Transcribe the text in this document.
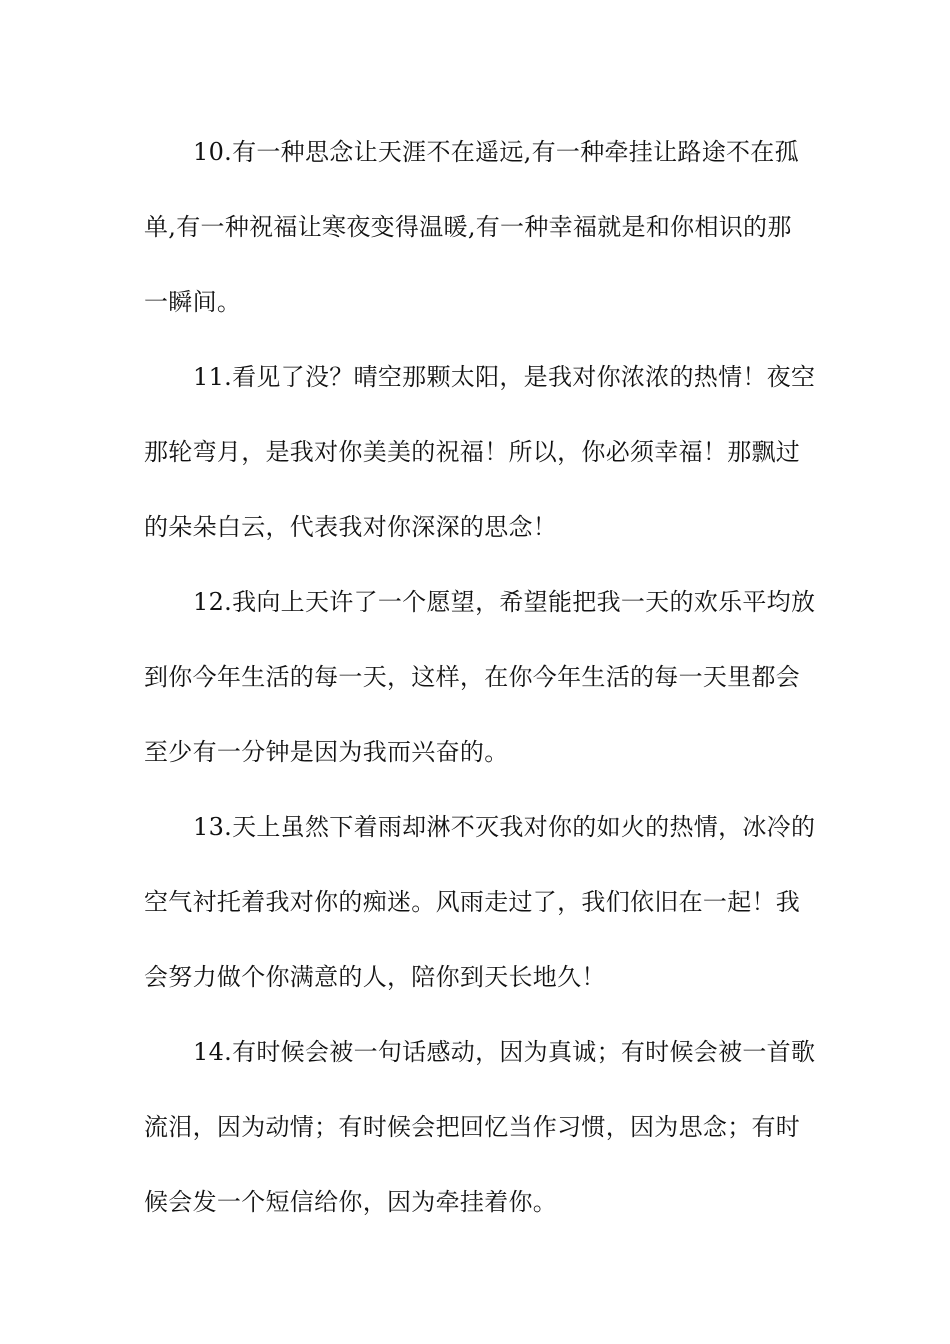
10.有一种思念让天涯不在遥远,有一种牵挂让路途不在孤
单,有一种祝福让寒夜变得温暖,有一种幸福就是和你相识的那
一瞬间。
11.看见了没？晴空那颗太阳，是我对你浓浓的热情！夜空
那轮弯月，是我对你美美的祝福！所以，你必须幸福！那飘过
的朵朵白云，代表我对你深深的思念！
12.我向上天许了一个愿望，希望能把我一天的欢乐平均放
到你今年生活的每一天，这样，在你今年生活的每一天里都会
至少有一分钟是因为我而兴奋的。
13.天上虽然下着雨却淋不灭我对你的如火的热情，冰冷的
空气衬托着我对你的痴迷。风雨走过了，我们依旧在一起！我
会努力做个你满意的人，陪你到天长地久！
14.有时候会被一句话感动，因为真诚；有时候会被一首歌
流泪，因为动情；有时候会把回忆当作习惯，因为思念；有时
候会发一个短信给你，因为牵挂着你。
